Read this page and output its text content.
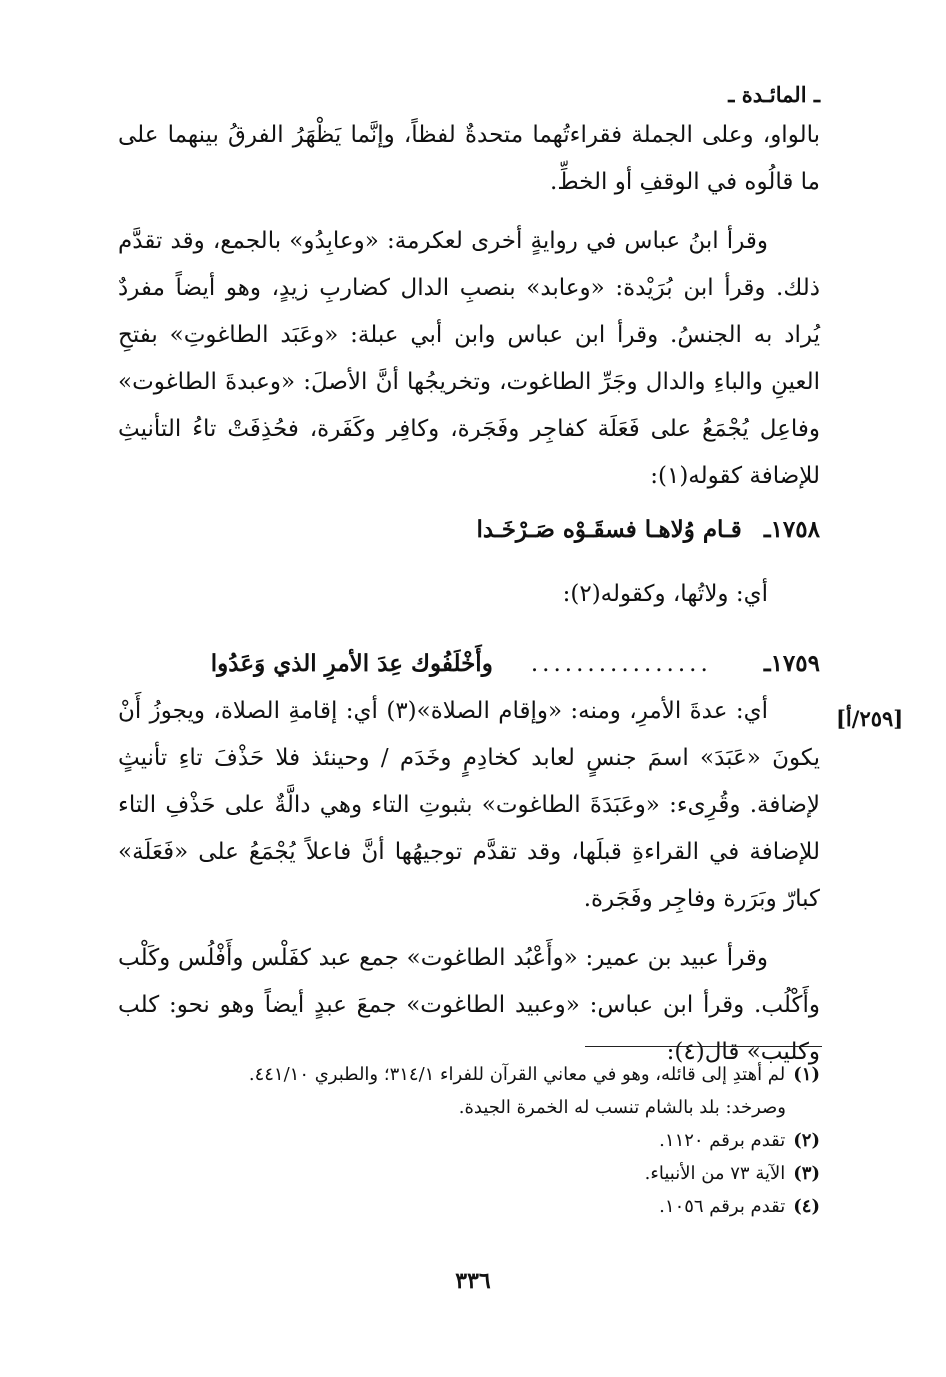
ـ المائـدة ـ

بالواو، وعلى الجملة فقراءتُهما متحدةٌ لفظاً، وإنَّما يَظْهَرُ الفرقُ بينهما على ما قالُوه في الوقفِ أو الخطِّ.

وقرأ ابنُ عباس في روايةٍ أخرى لعكرمة: «وعابِدُو» بالجمع، وقد تقدَّم ذلك. وقرأ ابن بُرَيْدة: «وعابد» بنصبِ الدال كضاربِ زيدٍ، وهو أيضاً مفردٌ يُراد به الجنسُ. وقرأ ابن عباس وابن أبي عبلة: «وعَبَد الطاغوتِ» بفتحِ العينِ والباءِ والدال وجَرِّ الطاغوت، وتخريجُها أنَّ الأصلَ: «وعبدةَ الطاغوت» وفاعِل يُجْمَعُ على فَعَلَة كفاجِر وفَجَرة، وكافِر وكَفَرة، فحُذِفَتْ تاءُ التأنيثِ للإضافة كقوله(١):

١٧٥٨ـ قـام وُلاهـا فسقَـوْه صَـرْخَـدا

أي: ولاتُها، وكقوله(٢):

١٧٥٩ـ ................ وأَخْلَفُوك عِدَ الأمرِ الذي وَعَدُوا

أي: عدةَ الأمرِ، ومنه: «وإقام الصلاة»(٣) أي: إقامةِ الصلاة، ويجوزُ أَنْ يكونَ «عَبَدَ» اسمَ جنسٍ لعابد كخادِمٍ وخَدَم / وحينئذ فلا حَذْفَ تاءِ تأنيثٍ لإضافة. وقُرِىء: «وعَبَدَةَ الطاغوت» بثبوتِ التاء وهي دالَّةٌ على حَذْفِ التاء للإضافة في القراءةِ قبلَها، وقد تقدَّم توجيهُها أنَّ فاعلاً يُجْمَعُ على «فَعَلَة» كبارّ وبَرَرة وفاجِر وفَجَرة.

وقرأ عبيد بن عمير: «وأَعْبُد الطاغوت» جمع عبد كفَلْس وأَفْلُس وكَلْب وأَكْلُب. وقرأ ابن عباس: «وعبيد الطاغوت» جمعَ عبدٍ أيضاً وهو نحو: كلب وكليب» قال(٤):

[٢٥٩/أ]

(١)لم أهتدِ إلى قائله، وهو في معاني القرآن للفراء ٣١٤/١؛ والطبري ٤٤١/١٠.

وصرخد: بلد بالشام تنسب له الخمرة الجيدة.

(٢)تقدم برقم ١١٢٠.

(٣)الآية ٧٣ من الأنبياء.

(٤)تقدم برقم ١٠٥٦.

٣٣٦
